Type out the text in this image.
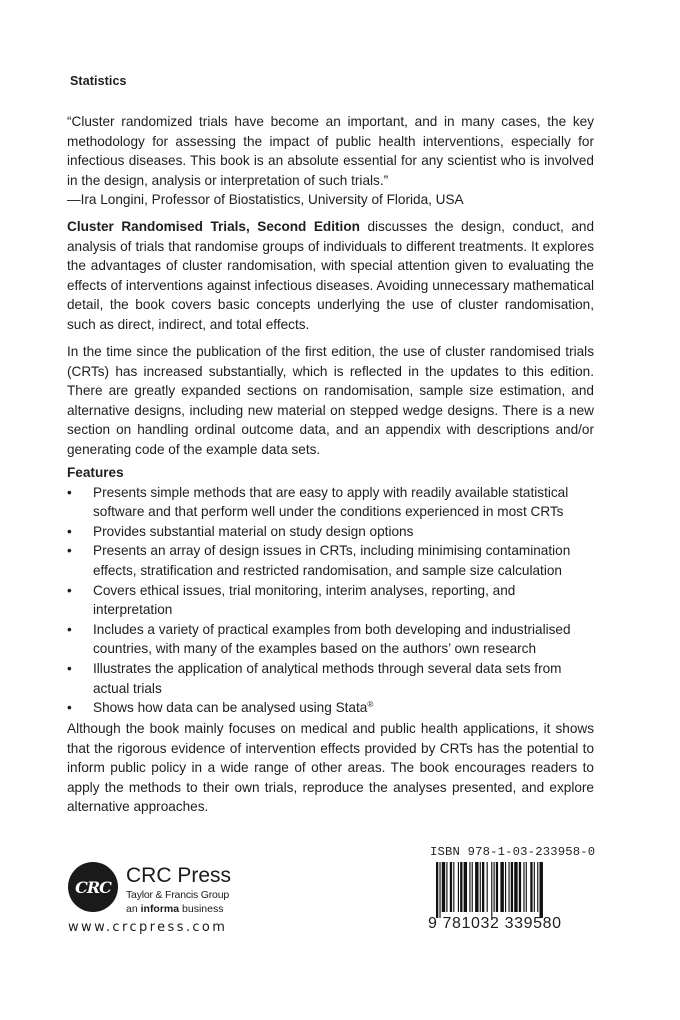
Statistics

“Cluster randomized trials have become an important, and in many cases, the key methodology for assessing the impact of public health interventions, especially for infectious diseases. This book is an absolute essential for any scientist who is involved in the design, analysis or interpretation of such trials.”

—Ira Longini, Professor of Biostatistics, University of Florida, USA

Cluster Randomised Trials, Second Edition discusses the design, conduct, and analysis of trials that randomise groups of individuals to different treatments. It explores the advantages of cluster randomisation, with special attention given to evaluating the effects of interventions against infectious diseases. Avoiding unnecessary mathematical detail, the book covers basic concepts underlying the use of cluster randomisation, such as direct, indirect, and total effects.

In the time since the publication of the first edition, the use of cluster randomised trials (CRTs) has increased substantially, which is reflected in the updates to this edition. There are greatly expanded sections on randomisation, sample size estimation, and alternative designs, including new material on stepped wedge designs. There is a new section on handling ordinal outcome data, and an appendix with descriptions and/or generating code of the example data sets.

Features
• Presents simple methods that are easy to apply with readily available statistical software and that perform well under the conditions experienced in most CRTs
• Provides substantial material on study design options
• Presents an array of design issues in CRTs, including minimising contamination effects, stratification and restricted randomisation, and sample size calculation
• Covers ethical issues, trial monitoring, interim analyses, reporting, and interpretation
• Includes a variety of practical examples from both developing and industrialised countries, with many of the examples based on the authors’ own research
• Illustrates the application of analytical methods through several data sets from actual trials
• Shows how data can be analysed using Stata®

Although the book mainly focuses on medical and public health applications, it shows that the rigorous evidence of intervention effects provided by CRTs has the potential to inform public policy in a wide range of other areas. The book encourages readers to apply the methods to their own trials, reproduce the analyses presented, and explore alternative approaches.

CRC CRC Press
Taylor & Francis Group
an informa business
www.crcpress.com
ISBN 978-1-03-233958-0
9 781032 339580
